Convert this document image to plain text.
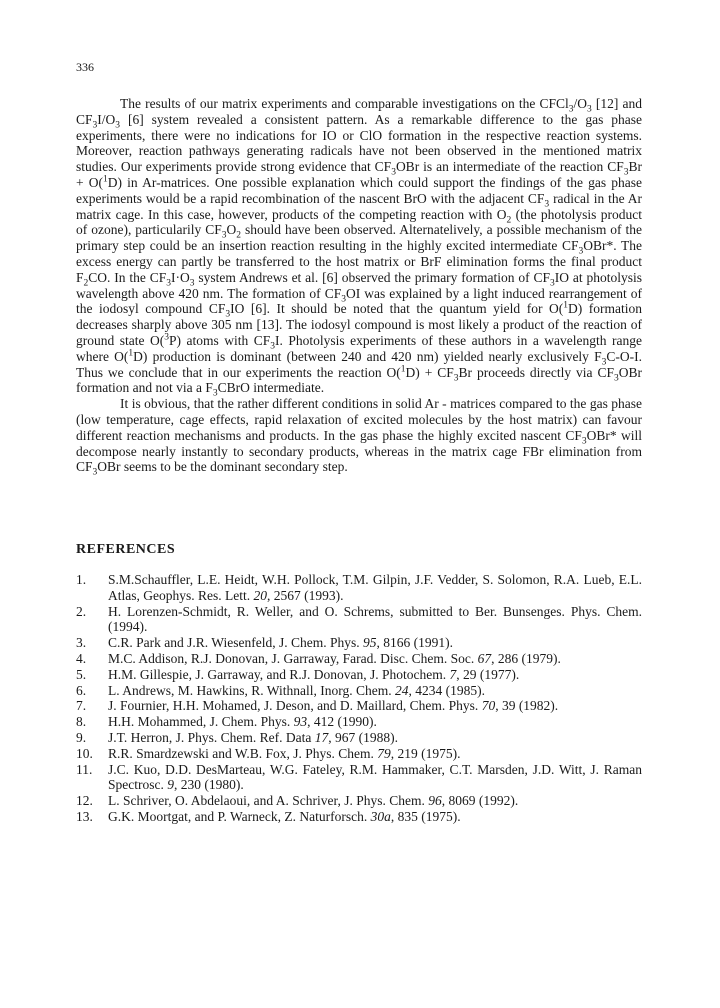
336

The results of our matrix experiments and comparable investigations on the $CFCl_3/O_3$ [12] and $CF_3I/O_3$ [6] system revealed a consistent pattern. As a remarkable difference to the gas phase experiments, there were no indications for IO or ClO formation in the respective reaction systems. Moreover, reaction pathways generating radicals have not been observed in the mentioned matrix studies. Our experiments provide strong evidence that $CF_3OBr$ is an intermediate of the reaction $CF_3Br + O(^1D)$ in Ar-matrices. One possible explanation which could support the findings of the gas phase experiments would be a rapid recombination of the nascent BrO with the adjacent $CF_3$ radical in the Ar matrix cage. In this case, however, products of the competing reaction with $O_2$ (the photolysis product of ozone), particularily $CF_3O_2$ should have been observed. Alternatelively, a possible mechanism of the primary step could be an insertion reaction resulting in the highly excited intermediate $CF_3OBr*$. The excess energy can partly be transferred to the host matrix or BrF elimination forms the final product $F_2CO$. In the $CF_3I\cdot O_3$ system Andrews et al. [6] observed the primary formation of $CF_3IO$ at photolysis wavelength above 420 nm. The formation of $CF_3OI$ was explained by a light induced rearrangement of the iodosyl compound $CF_3IO$ [6]. It should be noted that the quantum yield for O($^1$D) formation decreases sharply above 305 nm [13]. The iodosyl compound is most likely a product of the reaction of ground state O($^3$P) atoms with $CF_3I$. Photolysis experiments of these authors in a wavelength range where O($^1$D) production is dominant (between 240 and 420 nm) yielded nearly exclusively $F_3C-O-I$. Thus we conclude that in our experiments the reaction $O(^1D) + CF_3Br$ proceeds directly via $CF_3OBr$ formation and not via a $F_3CBrO$ intermediate.

It is obvious, that the rather different conditions in solid Ar - matrices compared to the gas phase (low temperature, cage effects, rapid relaxation of excited molecules by the host matrix) can favour different reaction mechanisms and products. In the gas phase the highly excited nascent $CF_3OBr*$ will decompose nearly instantly to secondary products, whereas in the matrix cage FBr elimination from $CF_3OBr$ seems to be the dominant secondary step.

REFERENCES
1.	S.M.Schauffler, L.E. Heidt, W.H. Pollock, T.M. Gilpin, J.F. Vedder, S. Solomon, R.A. Lueb, E.L. Atlas, Geophys. Res. Lett. 20, 2567 (1993).
2.	H. Lorenzen-Schmidt, R. Weller, and O. Schrems, submitted to Ber. Bunsenges. Phys. Chem. (1994).
3.	C.R. Park and J.R. Wiesenfeld, J. Chem. Phys. 95, 8166 (1991).
4.	M.C. Addison, R.J. Donovan, J. Garraway, Farad. Disc. Chem. Soc. 67, 286 (1979).
5.	H.M. Gillespie, J. Garraway, and R.J. Donovan, J. Photochem. 7, 29 (1977).
6.	L. Andrews, M. Hawkins, R. Withnall, Inorg. Chem. 24, 4234 (1985).
7.	J. Fournier, H.H. Mohamed, J. Deson, and D. Maillard, Chem. Phys. 70, 39 (1982).
8.	H.H. Mohammed, J. Chem. Phys. 93, 412 (1990).
9.	J.T. Herron, J. Phys. Chem. Ref. Data 17, 967 (1988).
10.	R.R. Smardzewski and W.B. Fox, J. Phys. Chem. 79, 219 (1975).
11.	J.C. Kuo, D.D. DesMarteau, W.G. Fateley, R.M. Hammaker, C.T. Marsden, J.D. Witt, J. Raman Spectrosc. 9, 230 (1980).
12.	L. Schriver, O. Abdelaoui, and A. Schriver, J. Phys. Chem. 96, 8069 (1992).
13.	G.K. Moortgat, and P. Warneck, Z. Naturforsch. 30a, 835 (1975).
